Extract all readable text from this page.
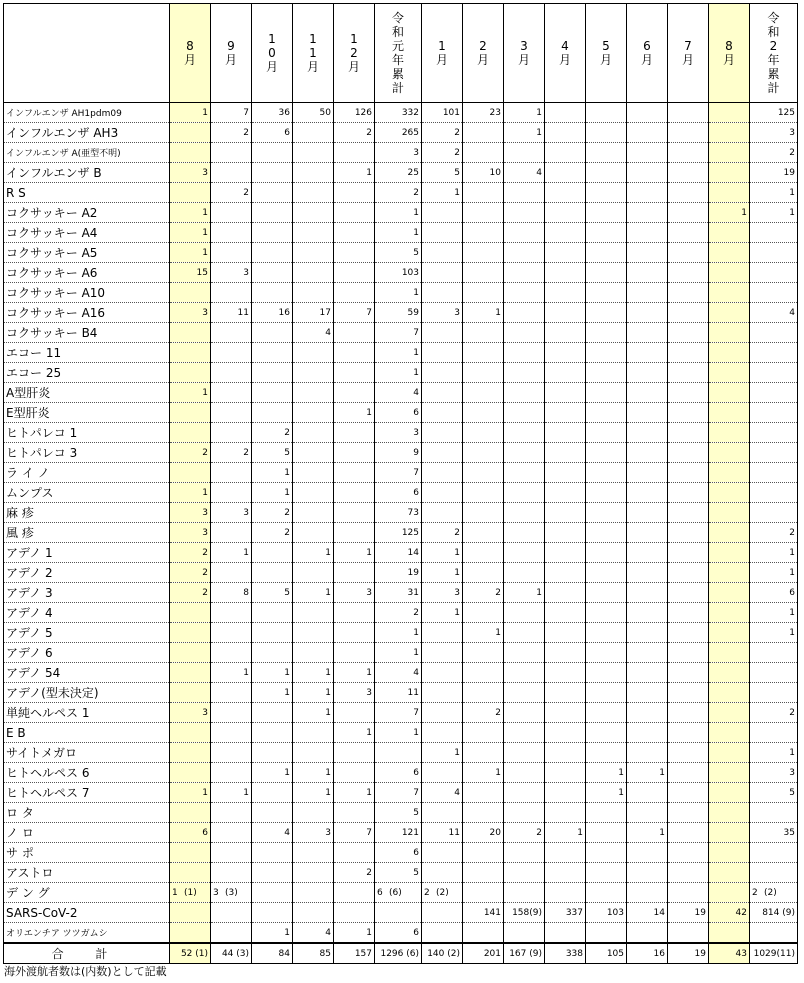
	8 月	9 月	10 月	11 月	12 月	令 和 元 年 累 計	1 月	2 月	3 月	4 月	5 月	6 月	7 月	8 月	令 和 2 年 累 計
インフルエンザ AH1pdm09	1	7	36	50	126	332	101	23	1						125
インフルエンザ AH3		2	6		2	265	2		1						3
インフルエンザ A(亜型不明)						3	2								2
インフルエンザ B	3				1	25	5	10	4						19
R S		2				2	1								1
コクサッキー A2	1					1								1	1
コクサッキー A4	1					1									
コクサッキー A5	1					5									
コクサッキー A6	15	3				103									
コクサッキー A10						1									
コクサッキー A16	3	11	16	17	7	59	3	1							4
コクサッキー B4				4		7									
エコー 11						1									
エコー 25						1									
A型肝炎	1					4									
E型肝炎					1	6									
ヒトパレコ 1			2			3									
ヒトパレコ 3	2	2	5			9									
ラ イ ノ			1			7									
ムンプス	1		1			6									
麻 疹	3	3	2			73									
風 疹	3		2			125	2								2
アデノ 1	2	1		1	1	14	1								1
アデノ 2	2					19	1								1
アデノ 3	2	8	5	1	3	31	3	2	1						6
アデノ 4						2	1								1
アデノ 5						1		1							1
アデノ 6						1									
アデノ 54		1	1	1	1	4									
アデノ(型未決定)			1	1	3	11									
単純ヘルペス 1	3			1		7		2							2
E B					1	1									
サイトメガロ							1								1
ヒトヘルペス 6			1	1		6		1			1	1			3
ヒトヘルペス 7	1	1		1	1	7	4				1				5
ロ タ						5									
ノ ロ	6		4	3	7	121	11	20	2	1		1			35
サ ポ						6									
アストロ					2	5									
デ ン グ	1 (1)	3 (3)				6 (6)	2 (2)								2 (2)
SARS-CoV-2								141	158(9)	337	103	14	19	42	814 (9)
オリエンチア ツツガムシ			1	4	1	6									
合 計	52 (1)	44 (3)	84	85	157	1296 (6)	140 (2)	201	167 (9)	338	105	16	19	43	1029(11)
海外渡航者数は(内数)として記載
